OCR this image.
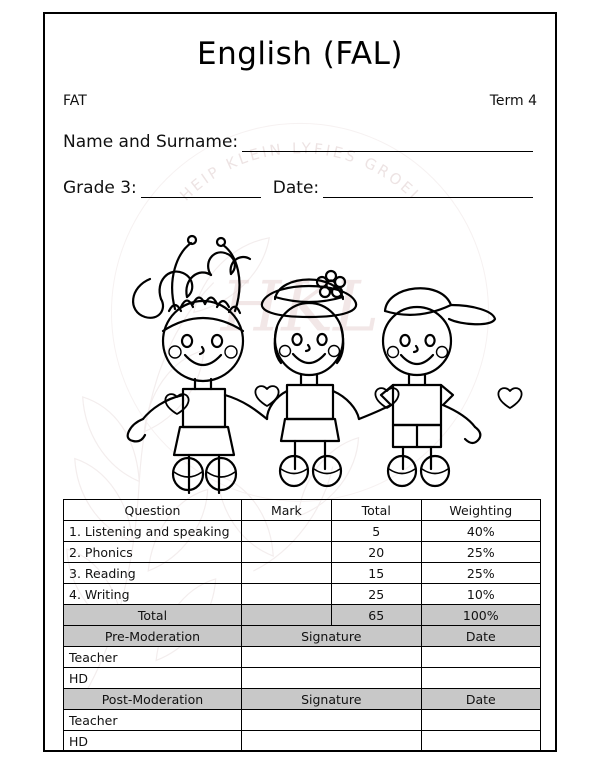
HKL
HEIP KLEIN LYFIES GROEI
English (FAL)
FAT	Term 4
Name and Surname:
Grade 3:	Date:
Question	Mark	Total	Weighting
1. Listening and speaking		5	40%
2. Phonics		20	25%
3. Reading		15	25%
4. Writing		25	10%
Total		65	100%
Pre-Moderation	Signature		Date
Teacher			
HD			
Post-Moderation	Signature		Date
Teacher			
HD			
